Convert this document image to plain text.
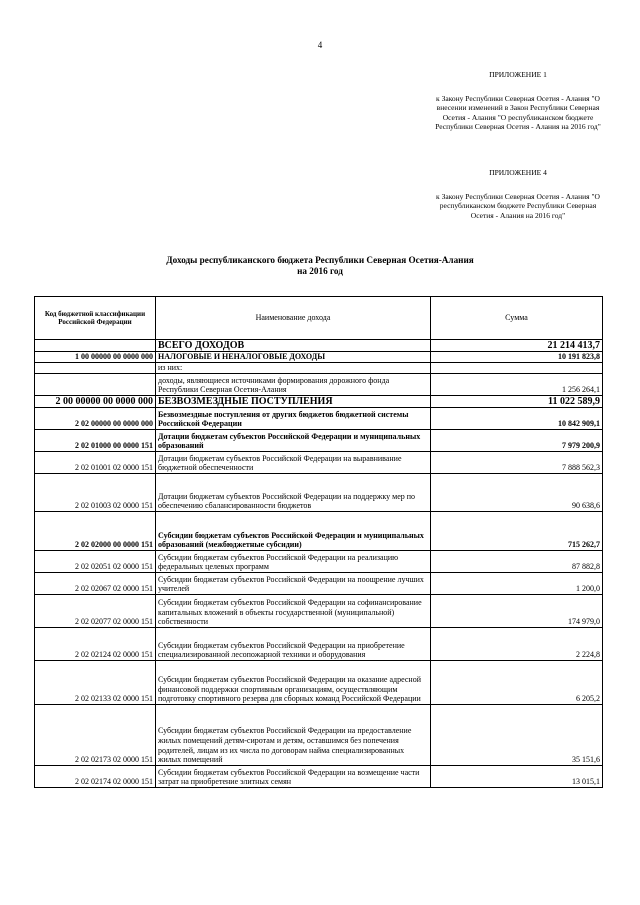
4
ПРИЛОЖЕНИЕ 1
к Закону Республики Северная Осетия - Алания "О внесении изменений в Закон Республики Северная Осетия - Алания "О республиканском бюджете Республики Северная Осетия - Алания на 2016 год"
ПРИЛОЖЕНИЕ 4
к Закону Республики Северная Осетия - Алания "О республиканском бюджете Республики Северная Осетия - Алания на 2016 год"
Доходы республиканского бюджета Республики Северная Осетия-Алания
на 2016 год
Код бюджетной классификации Российской Федерации	Наименование дохода	Сумма
	ВСЕГО ДОХОДОВ	21 214 413,7
1 00 00000 00 0000 000	НАЛОГОВЫЕ И НЕНАЛОГОВЫЕ ДОХОДЫ	10 191 823,8
	из них:	
	доходы, являющиеся источниками формирования дорожного фонда Республики Северная Осетия-Алания	1 256 264,1
2 00 00000 00 0000 000	БЕЗВОЗМЕЗДНЫЕ ПОСТУПЛЕНИЯ	11 022 589,9
2 02 00000 00 0000 000	Безвозмездные поступления от других бюджетов бюджетной системы Российской Федерации	10 842 909,1
2 02 01000 00 0000 151	Дотации бюджетам субъектов Российской Федерации и муниципальных образований	7 979 200,9
2 02 01001 02 0000 151	Дотации бюджетам субъектов Российской Федерации на выравнивание бюджетной обеспеченности	7 888 562,3
2 02 01003 02 0000 151	Дотации бюджетам субъектов Российской Федерации на поддержку мер по обеспечению сбалансированности бюджетов	90 638,6
2 02 02000 00 0000 151	Субсидии бюджетам субъектов Российской Федерации и муниципальных образований (межбюджетные субсидии)	715 262,7
2 02 02051 02 0000 151	Субсидии бюджетам субъектов Российской Федерации на реализацию федеральных целевых программ	87 882,8
2 02 02067 02 0000 151	Субсидии бюджетам субъектов Российской Федерации на поощрение лучших учителей	1 200,0
2 02 02077 02 0000 151	Субсидии бюджетам субъектов Российской Федерации на софинансирование капитальных вложений в объекты государственной (муниципальной) собственности	174 979,0
2 02 02124 02 0000 151	Субсидии бюджетам субъектов Российской Федерации на приобретение специализированной лесопожарной техники и оборудования	2 224,8
2 02 02133 02 0000 151	Субсидии бюджетам субъектов Российской Федерации на оказание адресной финансовой поддержки спортивным организациям, осуществляющим подготовку спортивного резерва для сборных команд Российской Федерации	6 205,2
2 02 02173 02 0000 151	Субсидии бюджетам субъектов Российской Федерации на предоставление жилых помещений детям-сиротам и детям, оставшимся без попечения родителей, лицам из их числа по договорам найма специализированных жилых помещений	35 151,6
2 02 02174 02 0000 151	Субсидии бюджетам субъектов Российской Федерации на возмещение части затрат на приобретение элитных семян	13 015,1
